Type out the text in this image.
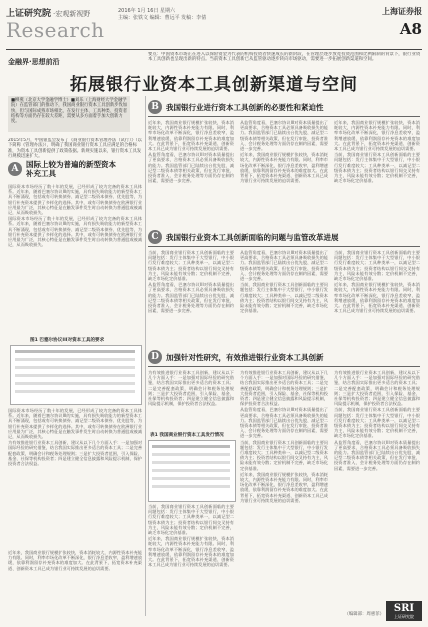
上证研究院 ·宏观新视野
Research
2016年 1月 16日 星期六
主编：张铁文 编辑：曹远平 发稿：李倩
上海证券报
A8
金融界·思想前沿
要点：中国资本市场正在进入以保险资金为代表的机构投资者快速成长的新阶段，在管理层逐步放宽投资范围和比例限制的背景下，银行业资本工具创新也呈现出新的特点。当前资本工具创新已从监管驱动逐步转向市场驱动，需要进一步拓展创新渠道和空间。
拓展银行业资本工具创新渠道与空间
■柳燕（北京大学金融学博士）■刘乐（上海财经大学金融学院）在监管部门的推动下，我国商业银行资本工具创新步伐加快，但与国际成熟市场相比，在发行主体、工具种类、投资者结构等方面仍存在较大差距，需要从多方面着手加大创新力度。
B 我国银行业进行资本工具创新的必要性和紧迫性
2015年5月，中国银监会发布了《商业银行资本管理办法（试行）》（以下简称《管理办法》），明确了我国商业银行资本工具应满足的合格标准，为资本工具创新提供了政策依据。新规实施以来，银行资本工具发行规模迅速扩大。
A	国际上较为普遍的新型资本补充工具

国际资本市场经历了数十年的发展，已经形成了较为完备的资本工具体系。近年来，随着巴塞尔协议III的实施，具有损失吸收能力的新型资本工具不断涌现，包括或有可转换债券、减记型二级资本债券、优先股等，为银行补充资本提供了多样化的选择。其中，或有可转换债券在欧洲银行业应用最为广泛，其核心特征是在触发事件发生时自动转换为普通股或被减记，从而吸收损失。

国际资本市场经历了数十年的发展，已经形成了较为完备的资本工具体系。近年来，随着巴塞尔协议III的实施，具有损失吸收能力的新型资本工具不断涌现，包括或有可转换债券、减记型二级资本债券、优先股等，为银行补充资本提供了多样化的选择。其中，或有可转换债券在欧洲银行业应用最为广泛，其核心特征是在触发事件发生时自动转换为普通股或被减记，从而吸收损失。

近年来，我国商业银行规模扩张较快，资本消耗较大，内源性资本补充能力有限。同时，利率市场化改革不断深化，银行净息差收窄，盈利增速放缓，依靠利润留存补充资本的难度加大。在此背景下，拓宽资本补充渠道、创新资本工具已成为银行业可持续发展的迫切需要。

从监管角度看，巴塞尔协议III对资本质量提出了更高要求，合格资本工具必须具备吸收损失的能力。我国监管部门已陆续出台优先股、减记型二级资本债等相关政策，但在发行审批、投资者准入、会计税务处理等方面仍存在制约因素，需要进一步完善。

从监管角度看，巴塞尔协议III对资本质量提出了更高要求，合格资本工具必须具备吸收损失的能力。我国监管部门已陆续出台优先股、减记型二级资本债等相关政策，但在发行审批、投资者准入、会计税务处理等方面仍存在制约因素，需要进一步完善。

近年来，我国商业银行规模扩张较快，资本消耗较大，内源性资本补充能力有限。同时，利率市场化改革不断深化，银行净息差收窄，盈利增速放缓，依靠利润留存补充资本的难度加大。在此背景下，拓宽资本补充渠道、创新资本工具已成为银行业可持续发展的迫切需要。

近年来，我国商业银行规模扩张较快，资本消耗较大，内源性资本补充能力有限。同时，利率市场化改革不断深化，银行净息差收窄，盈利增速放缓，依靠利润留存补充资本的难度加大。在此背景下，拓宽资本补充渠道、创新资本工具已成为银行业可持续发展的迫切需要。

当前，我国商业银行资本工具创新面临的主要问题包括：发行主体集中于大型银行，中小银行发行难度较大；工具种类单一，以减记型二级资本债为主；投资者结构以银行间交叉持有为主，风险未能有效分散；定价机制不完善，缺乏市场化定价基准。

C 我国银行业资本工具创新面临的问题与监管改革进展

当前，我国商业银行资本工具创新面临的主要问题包括：发行主体集中于大型银行，中小银行发行难度较大；工具种类单一，以减记型二级资本债为主；投资者结构以银行间交叉持有为主，风险未能有效分散；定价机制不完善，缺乏市场化定价基准。

从监管角度看，巴塞尔协议III对资本质量提出了更高要求，合格资本工具必须具备吸收损失的能力。我国监管部门已陆续出台优先股、减记型二级资本债等相关政策，但在发行审批、投资者准入、会计税务处理等方面仍存在制约因素，需要进一步完善。

从监管角度看，巴塞尔协议III对资本质量提出了更高要求，合格资本工具必须具备吸收损失的能力。我国监管部门已陆续出台优先股、减记型二级资本债等相关政策，但在发行审批、投资者准入、会计税务处理等方面仍存在制约因素，需要进一步完善。

当前，我国商业银行资本工具创新面临的主要问题包括：发行主体集中于大型银行，中小银行发行难度较大；工具种类单一，以减记型二级资本债为主；投资者结构以银行间交叉持有为主，风险未能有效分散；定价机制不完善，缺乏市场化定价基准。

当前，我国商业银行资本工具创新面临的主要问题包括：发行主体集中于大型银行，中小银行发行难度较大；工具种类单一，以减记型二级资本债为主；投资者结构以银行间交叉持有为主，风险未能有效分散；定价机制不完善，缺乏市场化定价基准。

近年来，我国商业银行规模扩张较快，资本消耗较大，内源性资本补充能力有限。同时，利率市场化改革不断深化，银行净息差收窄，盈利增速放缓，依靠利润留存补充资本的难度加大。在此背景下，拓宽资本补充渠道、创新资本工具已成为银行业可持续发展的迫切需要。

图1 巴塞尔协议III对资本工具的要求

国际资本市场经历了数十年的发展，已经形成了较为完备的资本工具体系。近年来，随着巴塞尔协议III的实施，具有损失吸收能力的新型资本工具不断涌现，包括或有可转换债券、减记型二级资本债券、优先股等，为银行补充资本提供了多样化的选择。其中，或有可转换债券在欧洲银行业应用最为广泛，其核心特征是在触发事件发生时自动转换为普通股或被减记，从而吸收损失。

为有效推进银行业资本工具创新，建议从以下几个方面入手：一是加强对国际经验的研究借鉴，结合我国实际推出更多适合的资本工具；二是完善配套政策，明确会计和税务处理规则；三是扩大投资者范围，引入保险、基金、社保等机构投资者；四是建立健全信息披露和风险提示机制，保护投资者合法权益。

D 加强针对性研究，有效推进银行业资本工具创新

为有效推进银行业资本工具创新，建议从以下几个方面入手：一是加强对国际经验的研究借鉴，结合我国实际推出更多适合的资本工具；二是完善配套政策，明确会计和税务处理规则；三是扩大投资者范围，引入保险、基金、社保等机构投资者；四是建立健全信息披露和风险提示机制，保护投资者合法权益。

表1 我国商业银行资本工具发行情况

当前，我国商业银行资本工具创新面临的主要问题包括：发行主体集中于大型银行，中小银行发行难度较大；工具种类单一，以减记型二级资本债为主；投资者结构以银行间交叉持有为主，风险未能有效分散；定价机制不完善，缺乏市场化定价基准。

近年来，我国商业银行规模扩张较快，资本消耗较大，内源性资本补充能力有限。同时，利率市场化改革不断深化，银行净息差收窄，盈利增速放缓，依靠利润留存补充资本的难度加大。在此背景下，拓宽资本补充渠道、创新资本工具已成为银行业可持续发展的迫切需要。

为有效推进银行业资本工具创新，建议从以下几个方面入手：一是加强对国际经验的研究借鉴，结合我国实际推出更多适合的资本工具；二是完善配套政策，明确会计和税务处理规则；三是扩大投资者范围，引入保险、基金、社保等机构投资者；四是建立健全信息披露和风险提示机制，保护投资者合法权益。

从监管角度看，巴塞尔协议III对资本质量提出了更高要求，合格资本工具必须具备吸收损失的能力。我国监管部门已陆续出台优先股、减记型二级资本债等相关政策，但在发行审批、投资者准入、会计税务处理等方面仍存在制约因素，需要进一步完善。

当前，我国商业银行资本工具创新面临的主要问题包括：发行主体集中于大型银行，中小银行发行难度较大；工具种类单一，以减记型二级资本债为主；投资者结构以银行间交叉持有为主，风险未能有效分散；定价机制不完善，缺乏市场化定价基准。

近年来，我国商业银行规模扩张较快，资本消耗较大，内源性资本补充能力有限。同时，利率市场化改革不断深化，银行净息差收窄，盈利增速放缓，依靠利润留存补充资本的难度加大。在此背景下，拓宽资本补充渠道、创新资本工具已成为银行业可持续发展的迫切需要。

为有效推进银行业资本工具创新，建议从以下几个方面入手：一是加强对国际经验的研究借鉴，结合我国实际推出更多适合的资本工具；二是完善配套政策，明确会计和税务处理规则；三是扩大投资者范围，引入保险、基金、社保等机构投资者；四是建立健全信息披露和风险提示机制，保护投资者合法权益。

当前，我国商业银行资本工具创新面临的主要问题包括：发行主体集中于大型银行，中小银行发行难度较大；工具种类单一，以减记型二级资本债为主；投资者结构以银行间交叉持有为主，风险未能有效分散；定价机制不完善，缺乏市场化定价基准。

从监管角度看，巴塞尔协议III对资本质量提出了更高要求，合格资本工具必须具备吸收损失的能力。我国监管部门已陆续出台优先股、减记型二级资本债等相关政策，但在发行审批、投资者准入、会计税务处理等方面仍存在制约因素，需要进一步完善。

近年来，我国商业银行规模扩张较快，资本消耗较大，内源性资本补充能力有限。同时，利率市场化改革不断深化，银行净息差收窄，盈利增速放缓，依靠利润留存补充资本的难度加大。在此背景下，拓宽资本补充渠道、创新资本工具已成为银行业可持续发展的迫切需要。

（编辑部：周惠菲）
SRI
上证研究院
